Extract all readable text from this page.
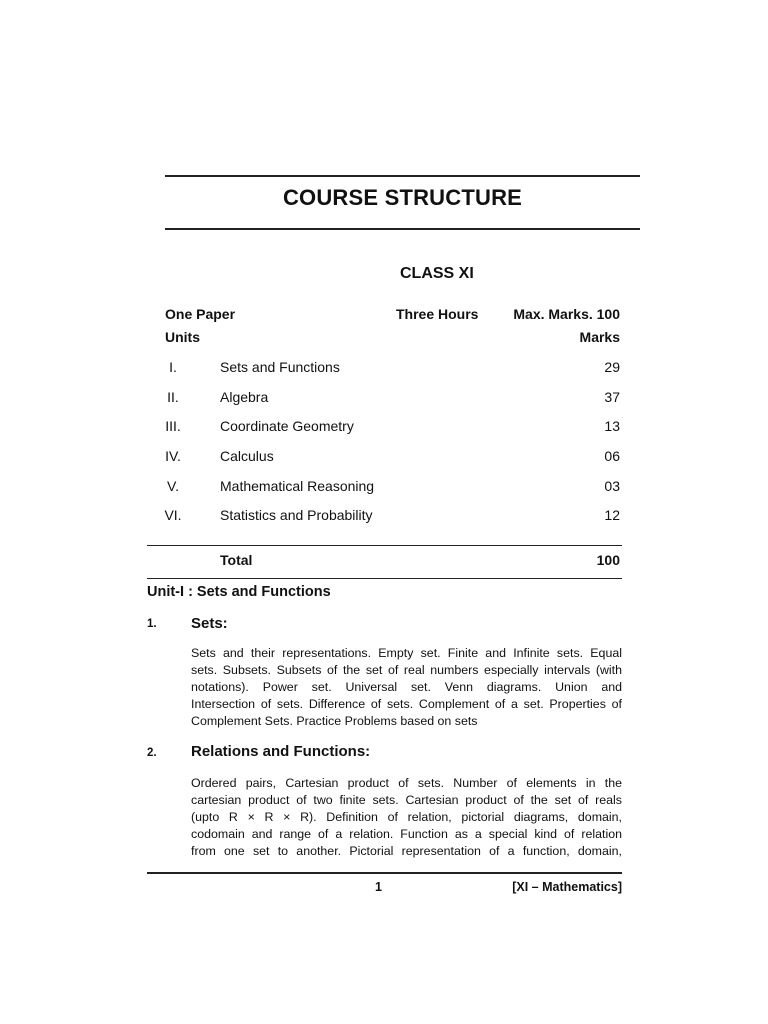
COURSE STRUCTURE
CLASS XI
One Paper	Three Hours Max. Marks. 100
Units	Marks
I.	Sets and Functions	29
II.	Algebra	37
III.	Coordinate Geometry	13
IV.	Calculus	06
V.	Mathematical Reasoning	03
VI.	Statistics and Probability	12
Total	100
Unit-I : Sets and Functions
1. Sets:
Sets and their representations. Empty set. Finite and Infinite sets. Equal
sets. Subsets. Subsets of the set of real numbers especially intervals (with
notations). Power set. Universal set. Venn diagrams. Union and
Intersection of sets. Difference of sets. Complement of a set. Properties of
Complement Sets. Practice Problems based on sets
2. Relations and Functions:
Ordered pairs, Cartesian product of sets. Number of elements in the
cartesian product of two finite sets. Cartesian product of the set of reals
(upto R × R × R). Definition of relation, pictorial diagrams, domain,
codomain and range of a relation. Function as a special kind of relation
from one set to another. Pictorial representation of a function, domain,
1	[XI – Mathematics]
